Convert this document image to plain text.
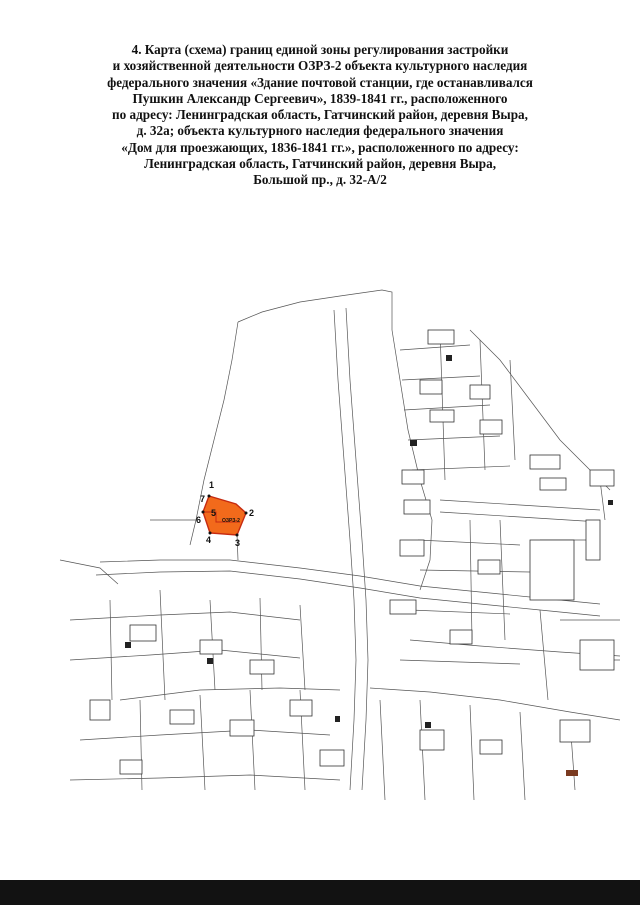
4. Карта (схема) границ единой зоны регулирования застройки
и хозяйственной деятельности ОЗРЗ-2 объекта культурного наследия
федерального значения «Здание почтовой станции, где останавливался
Пушкин Александр Сергеевич», 1839-1841 гг., расположенного
по адресу: Ленинградская область, Гатчинский район, деревня Выра,
д. 32а; объекта культурного наследия федерального значения
«Дом для проезжающих, 1836-1841 гг.», расположенного по адресу:
Ленинградская область, Гатчинский район, деревня Выра,
Большой пр., д. 32-А/2
1
2
3
4
5
6
7
ОЗРЗ-2
